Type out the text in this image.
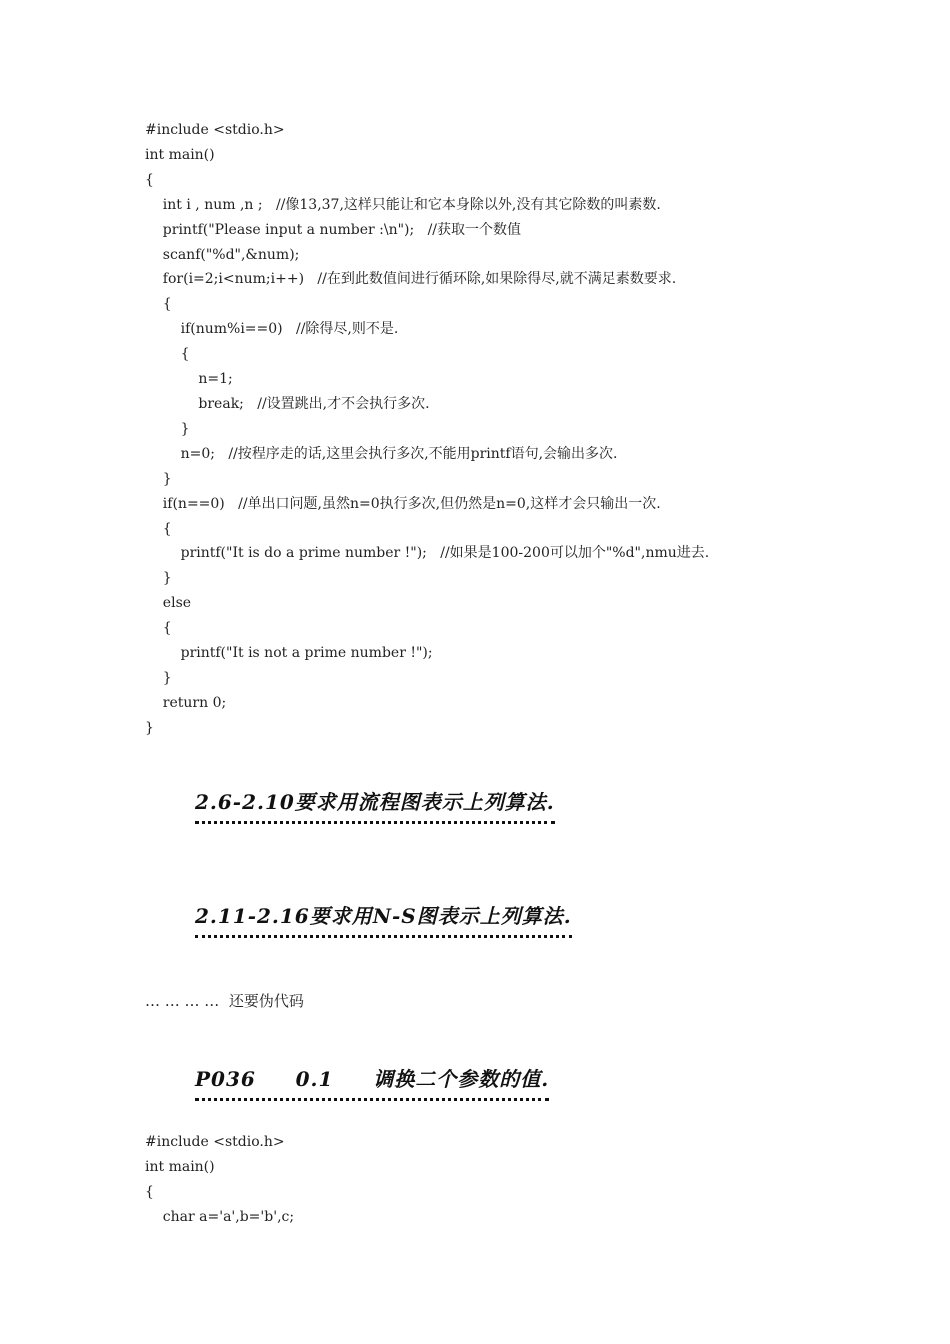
#include <stdio.h>
int main()
{
int i , num ,n ;   //像13,37,这样只能让和它本身除以外,没有其它除数的叫素数.
printf("Please input a number :\n");   //获取一个数值
scanf("%d",&num);
for(i=2;i<num;i++)   //在到此数值间进行循环除,如果除得尽,就不满足素数要求.
{
if(num%i==0)   //除得尽,则不是.
{
n=1;
break;   //设置跳出,才不会执行多次.
}
n=0;   //按程序走的话,这里会执行多次,不能用printf语句,会输出多次.
}
if(n==0)   //单出口问题,虽然n=0执行多次,但仍然是n=0,这样才会只输出一次.
{
printf("It is do a prime number !");   //如果是100-200可以加个"%d",nmu进去.
}
else
{
printf("It is not a prime number !");
}
return 0;
}
2.6-2.10要求用流程图表示上列算法.
2.11-2.16要求用N-S图表示上列算法.
… … … …  还要伪代码
P036     0.1     调换二个参数的值.
#include <stdio.h>
int main()
{
char a='a',b='b',c;
